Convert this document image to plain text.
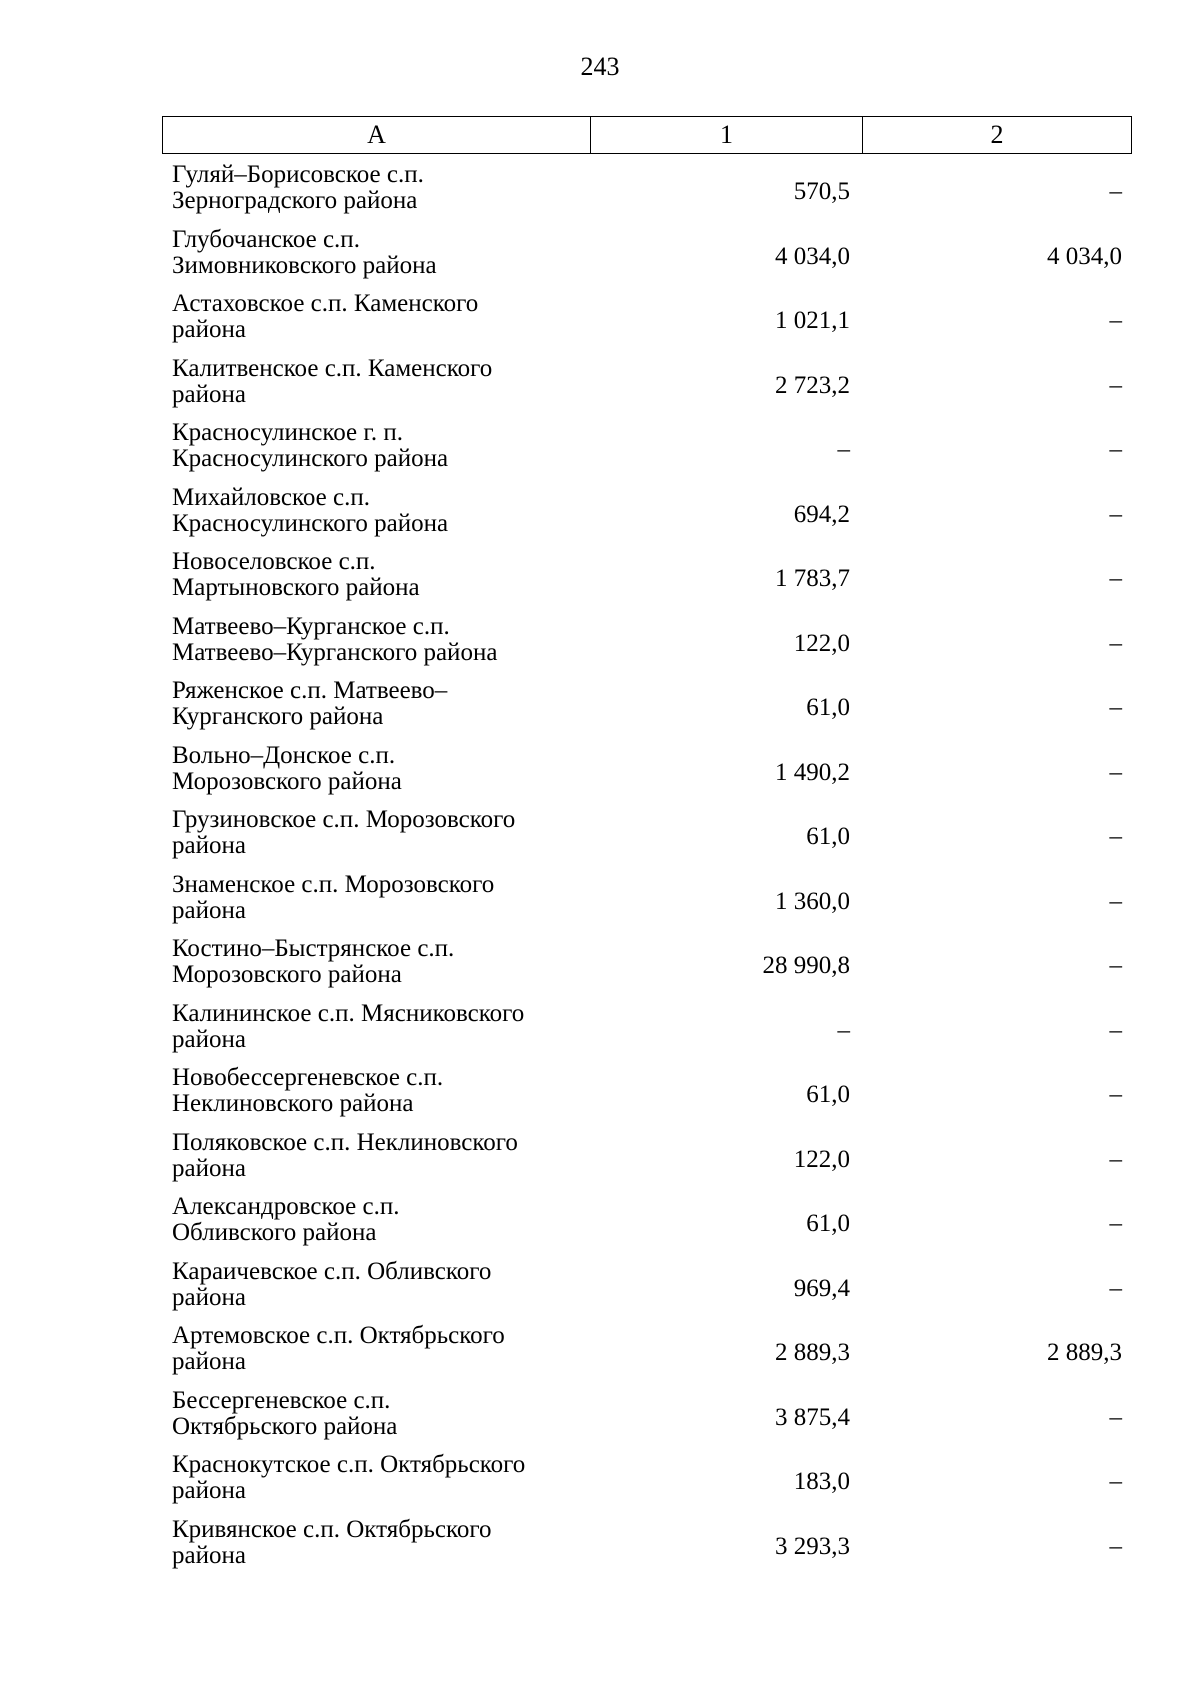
243
А	1	2
Гуляй–Борисовское с.п.
Зерноградского района	570,5	–
Глубочанское с.п.
Зимовниковского района	4 034,0	4 034,0
Астаховское с.п. Каменского
района	1 021,1	–
Калитвенское с.п. Каменского
района	2 723,2	–
Красносулинское г. п.
Красносулинского района	–	–
Михайловское с.п.
Красносулинского района	694,2	–
Новоселовское с.п.
Мартыновского района	1 783,7	–
Матвеево–Курганское с.п.
Матвеево–Курганского района	122,0	–
Ряженское с.п. Матвеево–
Курганского района	61,0	–
Вольно–Донское с.п.
Морозовского района	1 490,2	–
Грузиновское с.п. Морозовского
района	61,0	–
Знаменское с.п. Морозовского
района	1 360,0	–
Костино–Быстрянское с.п.
Морозовского района	28 990,8	–
Калининское с.п. Мясниковского
района	–	–
Новобессергеневское с.п.
Неклиновского района	61,0	–
Поляковское с.п. Неклиновского
района	122,0	–
Александровское с.п.
Обливского района	61,0	–
Караичевское с.п. Обливского
района	969,4	–
Артемовское с.п. Октябрьского
района	2 889,3	2 889,3
Бессергеневское с.п.
Октябрьского района	3 875,4	–
Краснокутское с.п. Октябрьского
района	183,0	–
Кривянское с.п. Октябрьского
района	3 293,3	–
